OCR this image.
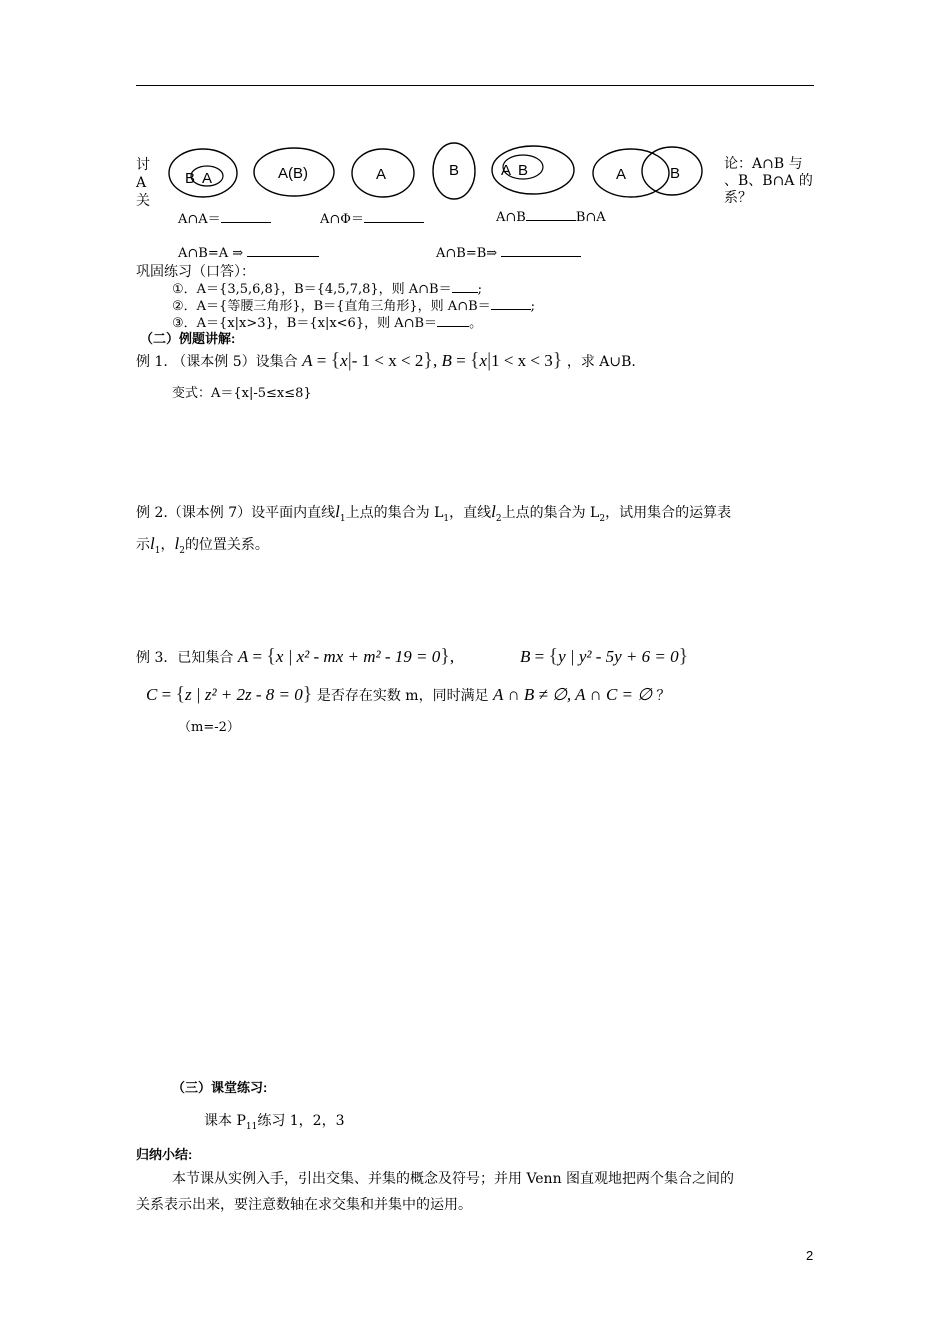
讨
A
关
B A	A(B)	A	B	A B	A	B
论：A∩B 与
、B、B∩A 的
系？
A∩A＝	A∩Φ＝	A∩B	B∩A
A∩B=A ⇒	A∩B=B⇒
巩固练习（口答）：
①．A＝{3,5,6,8}，B＝{4,5,7,8}，则 A∩B＝ ;
②．A＝{等腰三角形}，B＝{直角三角形}，则 A∩B＝	;
③．A＝{x|x>3}，B＝{x|x<6}，则 A∩B＝ 。
（二）例题讲解:
例 1. （课本例 5）设集合 A = {x|- 1 < x < 2}, B = {x|1 < x < 3} ，求 A∪B.
变式：A＝{x|-5≤x≤8}
例 2.（课本例 7）设平面内直线$l_1$上点的集合为 $L_1$，直线$l_2$上点的集合为 $L_2$，试用集合的运算表
示$l_1$，$l_2$的位置关系。
例 3．已知集合 A = {x | x² - mx + m² - 19 = 0},	B = {y | y² - 5y + 6 = 0}
C = {z | z² + 2z - 8 = 0} 是否存在实数 m，同时满足 A ∩ B ≠ ∅, A ∩ C = ∅ ？
（m=-2）
（三）课堂练习:
课本 $P_{11}$练习 1，2，3
归纳小结:
本节课从实例入手，引出交集、并集的概念及符号；并用 Venn 图直观地把两个集合之间的
关系表示出来，要注意数轴在求交集和并集中的运用。
2
